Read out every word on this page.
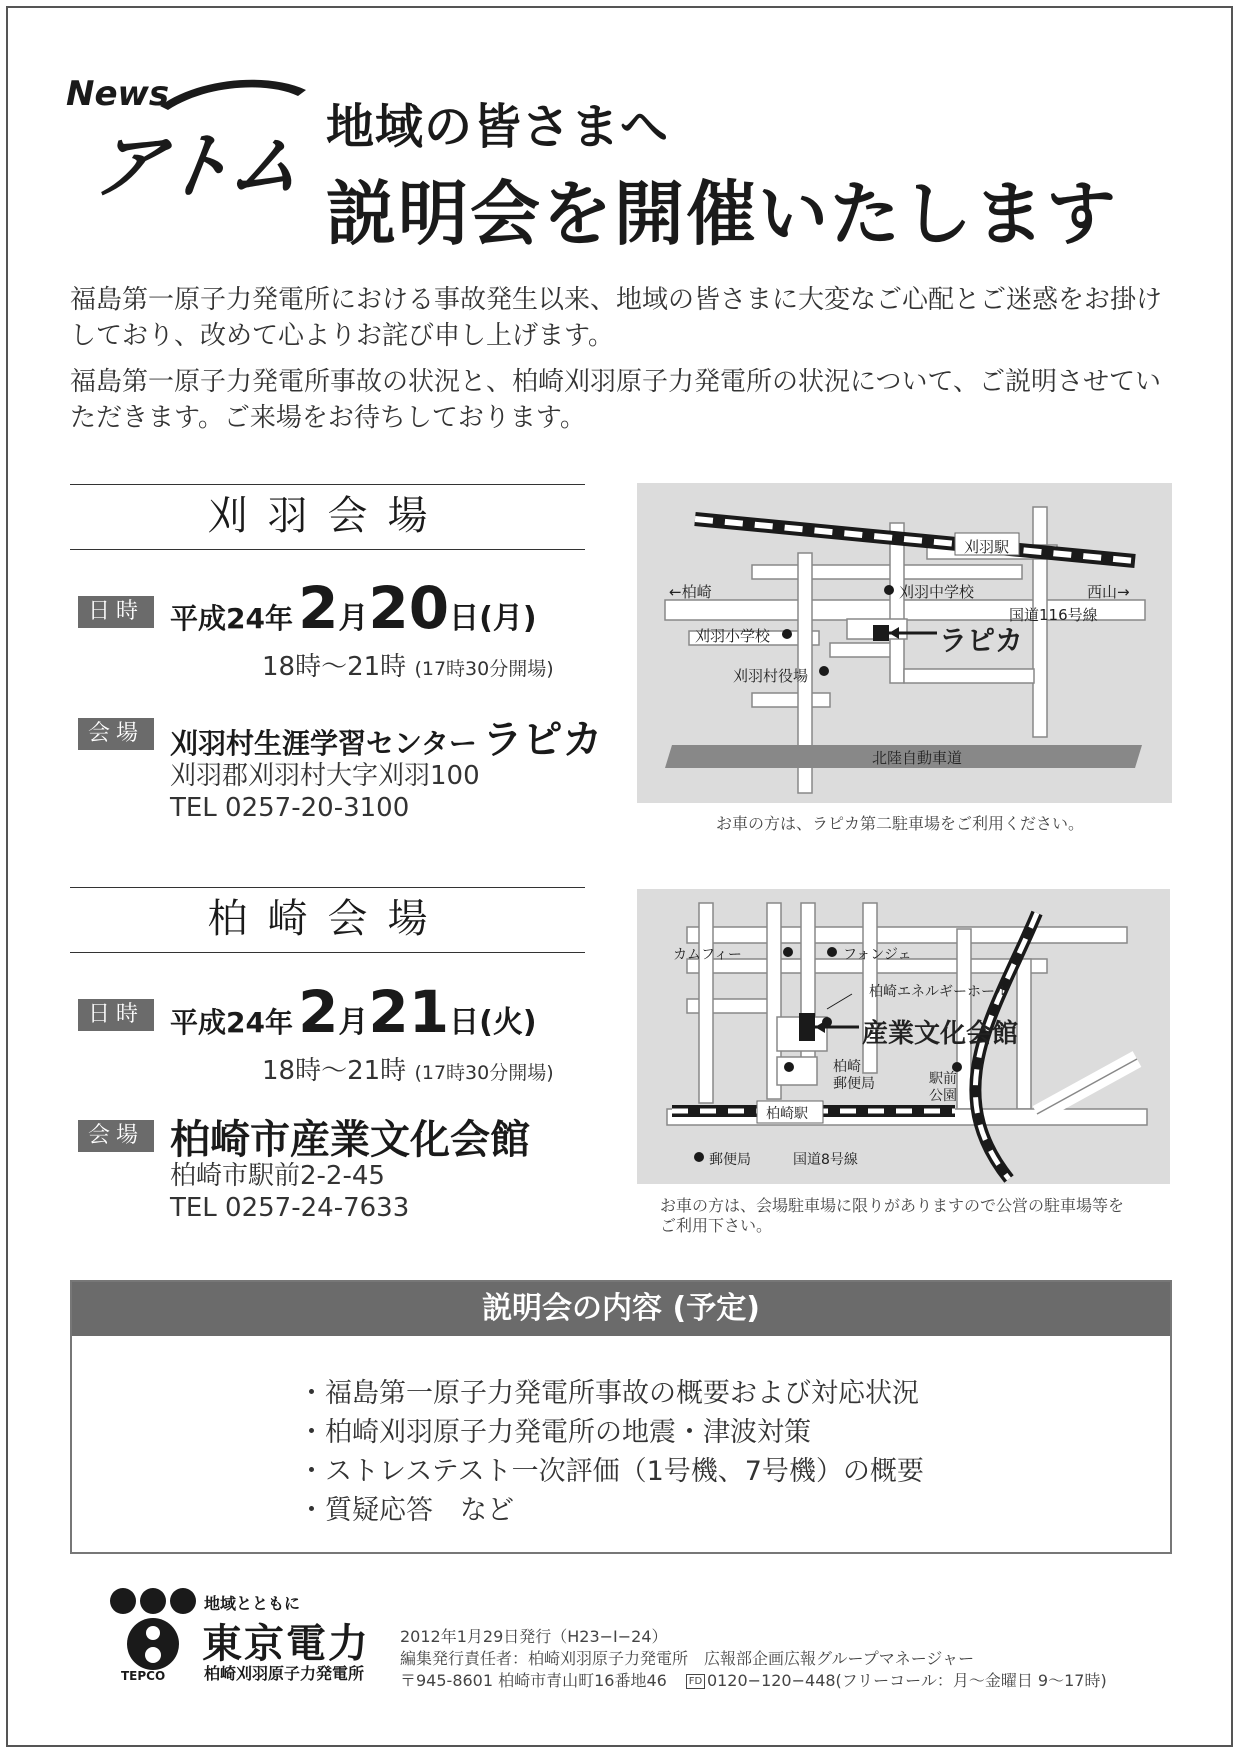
News
アトム 地域の皆さまへ
説明会を開催いたします
福島第一原子力発電所における事故発生以来、地域の皆さまに大変なご心配とご迷惑をお掛けしており、改めて心よりお詫び申し上げます。
福島第一原子力発電所事故の状況と、柏崎刈羽原子力発電所の状況について、ご説明させていただきます。ご来場をお待ちしております。
刈羽会場
日時 平成24年 2月20日(月)
18時～21時 (17時30分開場)
会場 刈羽村生涯学習センター ラピカ
刈羽郡刈羽村大字刈羽100
TEL 0257-20-3100
刈羽駅
←柏崎	西山→
刈羽中学校
国道116号線
刈羽小学校	ラピカ
刈羽村役場
北陸自動車道
お車の方は、ラピカ第二駐車場をご利用ください。
柏崎会場
日時 平成24年 2月21日(火)
18時～21時 (17時30分開場)
会場 柏崎市産業文化会館
柏崎市駅前2-2-45
TEL 0257-24-7633
カムフィー	フォンジェ
柏崎エネルギーホール
産業文化会館
柏崎
郵便局	駅前
公園
柏崎駅
郵便局	国道8号線
お車の方は、会場駐車場に限りがありますので公営の駐車場等を
ご利用下さい。
説明会の内容 (予定)
・福島第一原子力発電所事故の概要および対応状況
・柏崎刈羽原子力発電所の地震・津波対策
・ストレステスト一次評価（1号機、7号機）の概要
・質疑応答　など
TEPCO
地域とともに
東京電力
柏崎刈羽原子力発電所
2012年1月29日発行（H23−Ⅰ−24）
編集発行責任者：柏崎刈羽原子力発電所　広報部企画広報グループマネージャー
〒945-8601 柏崎市青山町16番地46 FD 0120−120−448(フリーコール：月〜金曜日 9〜17時)
